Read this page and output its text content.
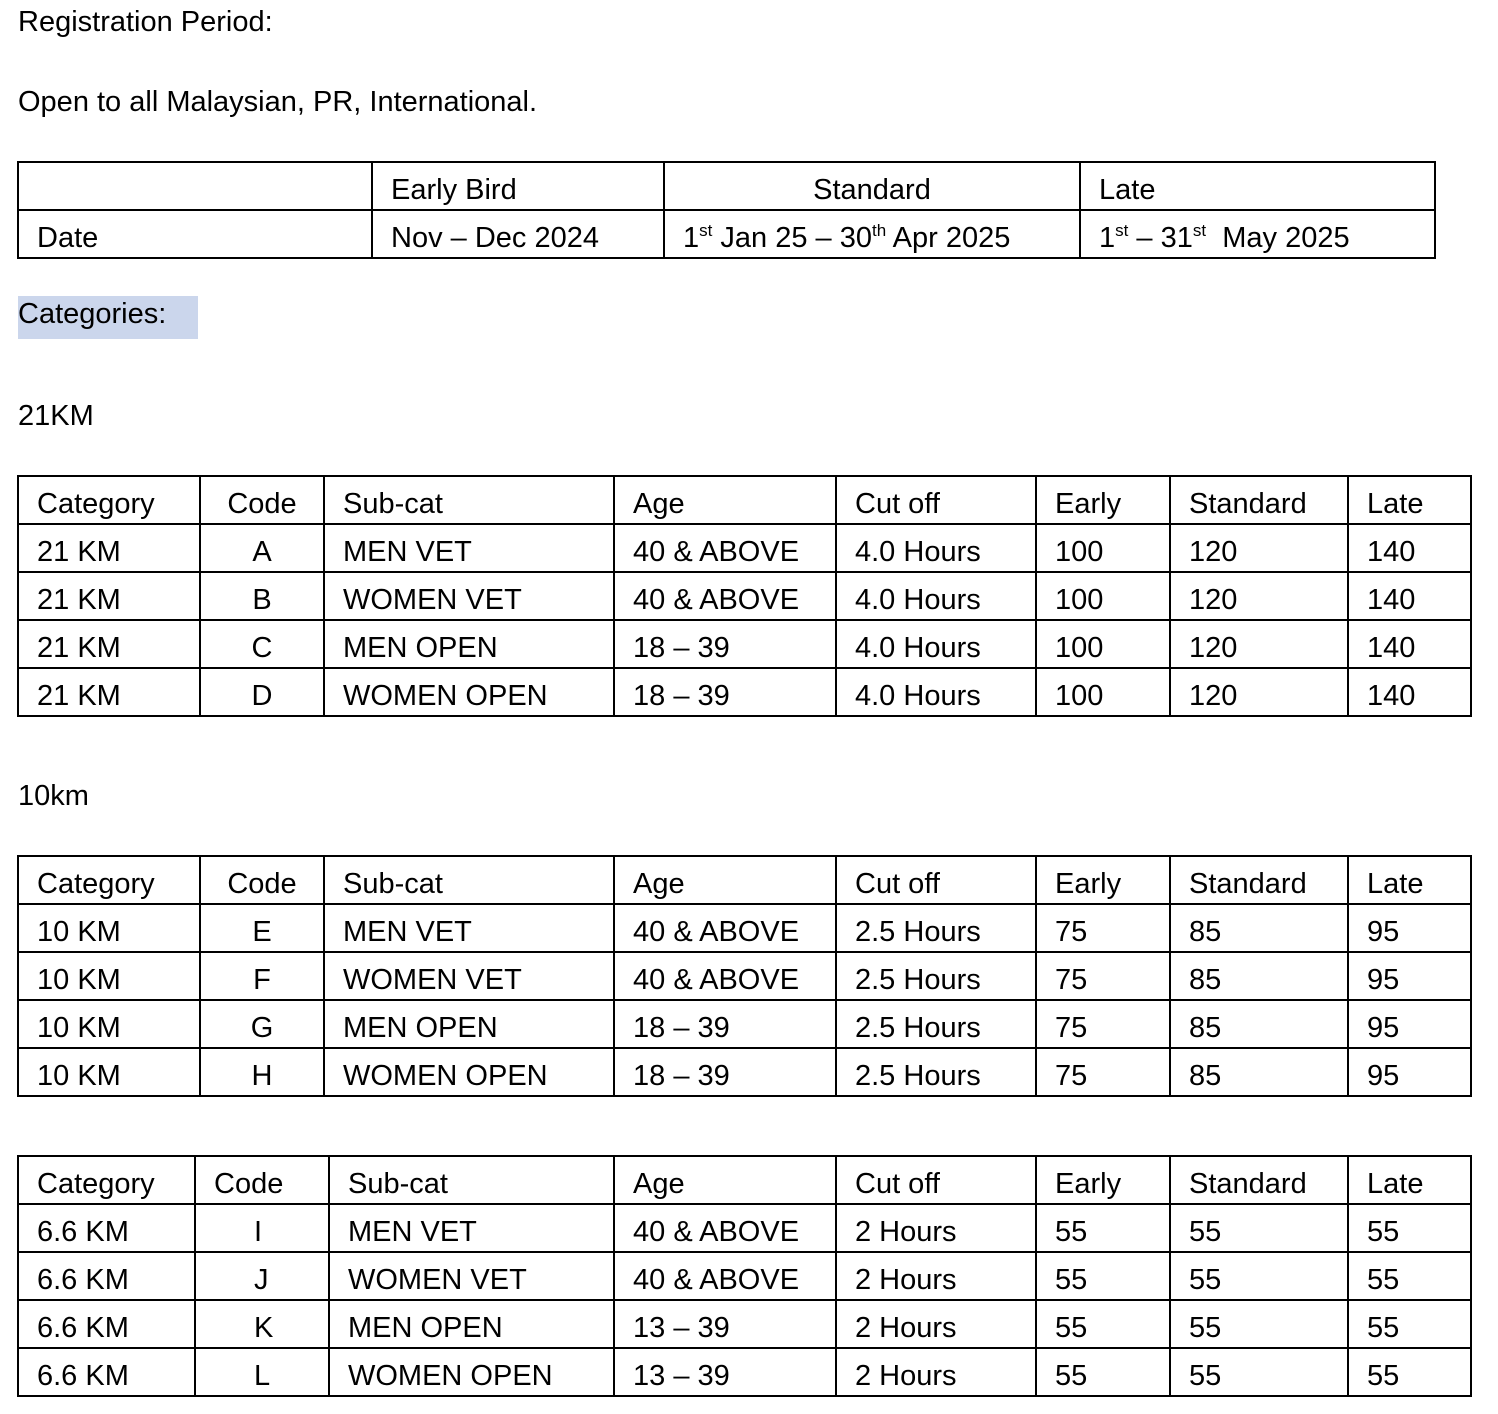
Registration Period:
Open to all Malaysian, PR, International.
	Early Bird	Standard	Late
Date	Nov – Dec 2024	1st Jan 25 – 30th Apr 2025	1st – 31st  May 2025
Categories:
21KM
Category	Code	Sub-cat	Age	Cut off	Early	Standard	Late
21 KM	A	MEN VET	40 & ABOVE	4.0 Hours	100	120	140
21 KM	B	WOMEN VET	40 & ABOVE	4.0 Hours	100	120	140
21 KM	C	MEN OPEN	18 – 39	4.0 Hours	100	120	140
21 KM	D	WOMEN OPEN	18 – 39	4.0 Hours	100	120	140
10km
Category	Code	Sub-cat	Age	Cut off	Early	Standard	Late
10 KM	E	MEN VET	40 & ABOVE	2.5 Hours	75	85	95
10 KM	F	WOMEN VET	40 & ABOVE	2.5 Hours	75	85	95
10 KM	G	MEN OPEN	18 – 39	2.5 Hours	75	85	95
10 KM	H	WOMEN OPEN	18 – 39	2.5 Hours	75	85	95
Category	Code	Sub-cat	Age	Cut off	Early	Standard	Late
6.6 KM	I	MEN VET	40 & ABOVE	2 Hours	55	55	55
6.6 KM	J	WOMEN VET	40 & ABOVE	2 Hours	55	55	55
6.6 KM	K	MEN OPEN	13 – 39	2 Hours	55	55	55
6.6 KM	L	WOMEN OPEN	13 – 39	2 Hours	55	55	55
